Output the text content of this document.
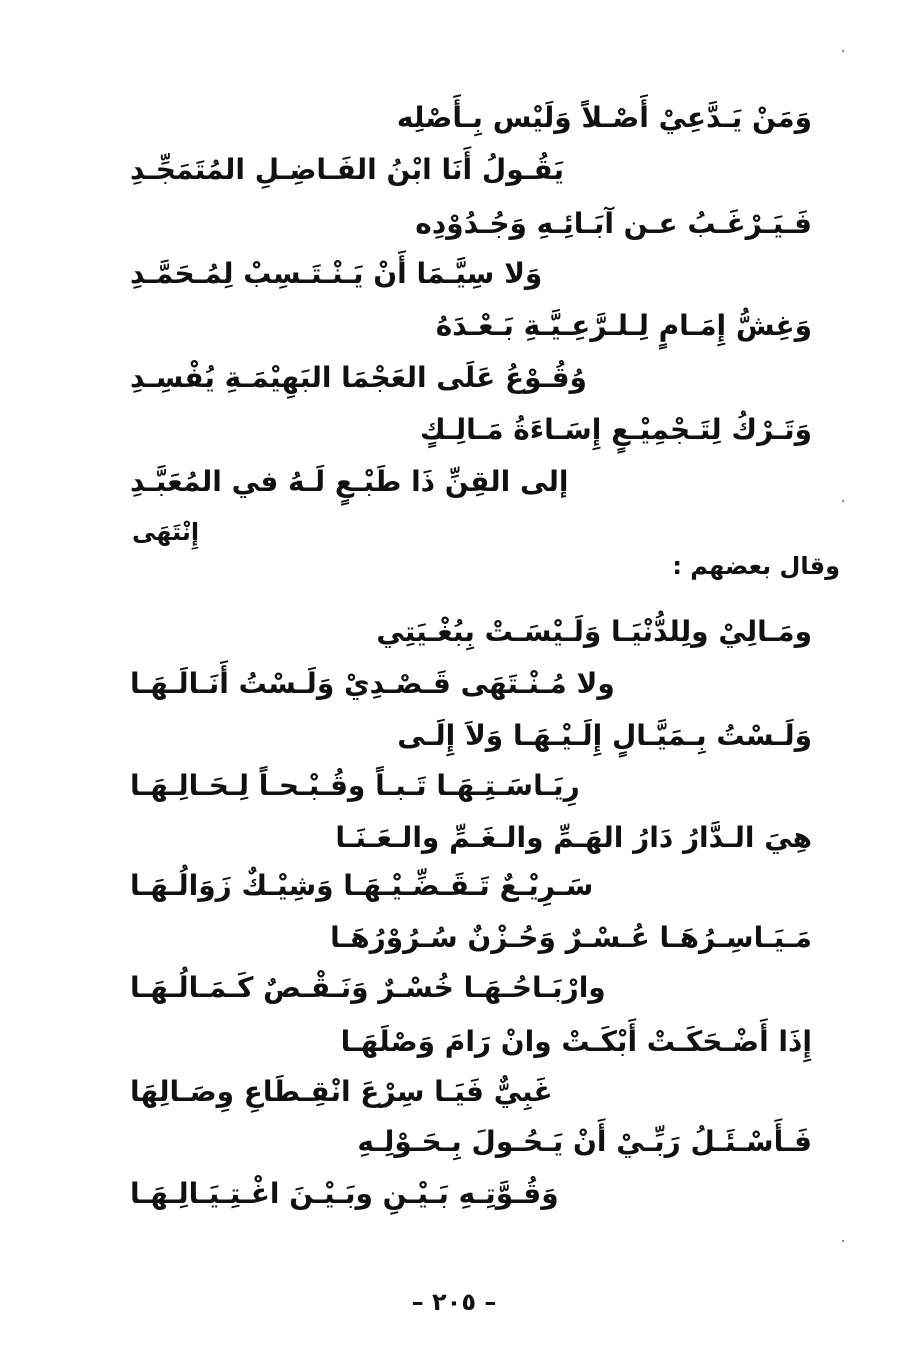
وَمَنْ يَـدَّعِيْ أَصْـلاً وَلَيْس بِـأَصْلِه
يَقُـولُ أَنَا ابْنُ الفَـاضِـلِ المُتَمَجِّـدِ
فَـيَـرْغَـبُ عـن آبَـائِـهِ وَجُـدُوْدِه
وَلا سِيَّـمَا أَنْ يَـنْـتَـسِبْ لِمُـحَمَّـدِ
وَغِشُّ إِمَـامٍ لِـلـرَّعِـيَّـةِ بَـعْـدَهُ
وُقُـوْعُ عَلَى العَجْمَا البَهِيْمَـةِ يُفْسِـدِ
وَتَـرْكُ لِتَـجْمِيْـعٍ إِسَـاءَةُ مَـالِـكٍ
إلى القِنِّ ذَا طَبْـعٍ لَـهُ في المُعَبَّـدِ
إِنْتَهَى
وقال بعضهم :
ومَـالِيْ ولِلدُّنْيَـا وَلَـيْسَـتْ بِبُغْـيَتِي
ولا مُـنْـتَهَى قَـصْـدِيْ وَلَـسْتُ أَنَـالَـهَـا
وَلَـسْتُ بِـمَيَّـالٍ إِلَـيْـهَـا وَلاَ إِلَـى
رِيَـاسَـتِـهَـا تَـبـاً وقُـبْـحـاً لِـحَـالِـهَـا
هِيَ الـدَّارُ دَارُ الهَـمِّ والـغَـمِّ والـعَـنَـا
سَـرِيْـعٌ تَـقَـضِّـيْـهَـا وَشِيْـكٌ زَوَالُـهَـا
مَـيَـاسِـرُهَـا عُـسْـرٌ وَحُـزْنٌ سُـرُوْرُهَـا
وارْبَـاحُـهَـا خُسْـرٌ وَنَـقْـصٌ كَـمَـالُـهَـا
إِذَا أَضْـحَكَـتْ أَبْكَـتْ وانْ رَامَ وَصْلَهَـا
غَبِيٌّ فَيَـا سِرْعَ انْقِـطَاعِ وِصَـالِهَا
فَـأَسْـئَـلُ رَبِّـيْ أَنْ يَـحُـولَ بِـحَـوْلِـهِ
وَقُـوَّتِـهِ بَـيْـنِ وبَـيْـنَ اغْـتِـيَـالِـهَـا
– ٢٠٥ –
